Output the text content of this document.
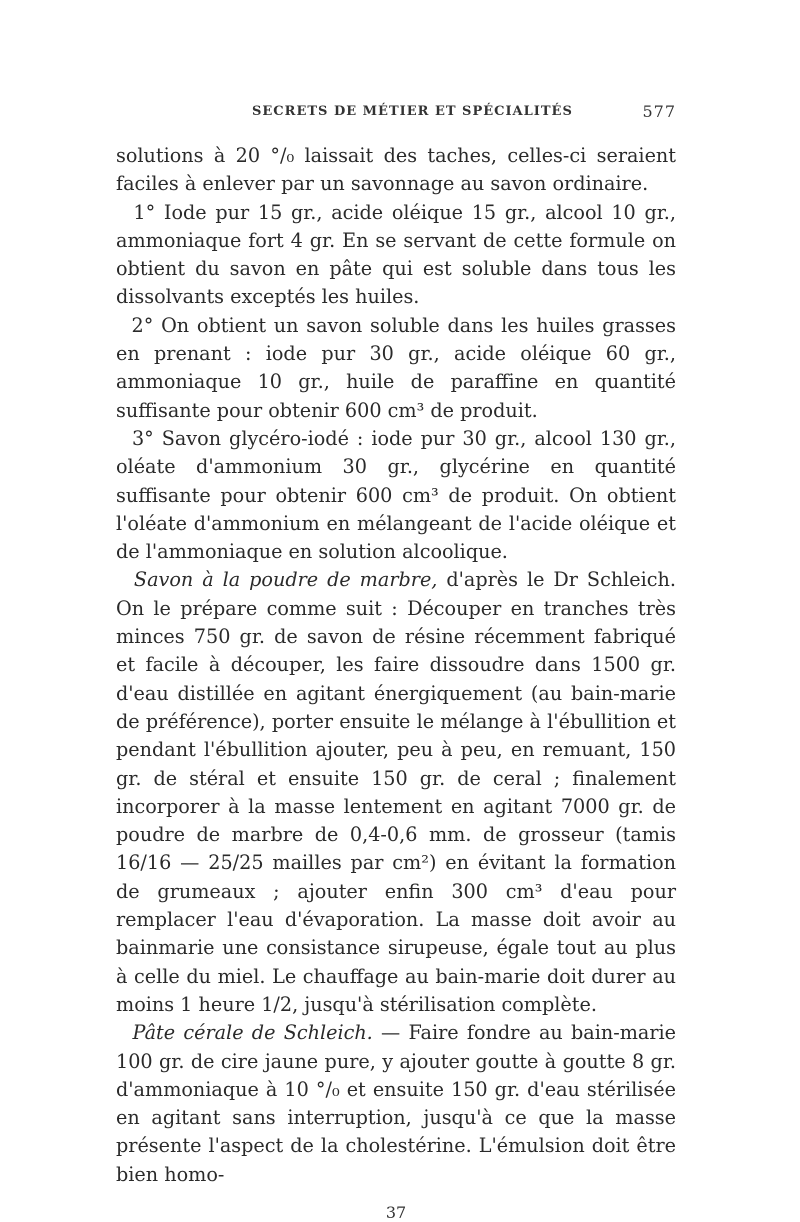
SECRETS DE MÉTIER ET SPÉCIALITÉS	577

solutions à 20 °/₀ laissait des taches, celles-ci seraient faciles à enlever par un savonnage au savon ordinaire.

1° Iode pur 15 gr., acide oléique 15 gr., alcool 10 gr., ammoniaque fort 4 gr. En se servant de cette formule on obtient du savon en pâte qui est soluble dans tous les dissolvants exceptés les huiles.

2° On obtient un savon soluble dans les huiles grasses en prenant : iode pur 30 gr., acide oléique 60 gr., ammoniaque 10 gr., huile de paraffine en quantité suffisante pour obtenir 600 cm³ de produit.

3° Savon glycéro-iodé : iode pur 30 gr., alcool 130 gr., oléate d'ammonium 30 gr., glycérine en quantité suffisante pour obtenir 600 cm³ de produit. On obtient l'oléate d'ammonium en mélangeant de l'acide oléique et de l'ammoniaque en solution alcoolique.

Savon à la poudre de marbre, d'après le Dr Schleich. On le prépare comme suit : Découper en tranches très minces 750 gr. de savon de résine récemment fabriqué et facile à découper, les faire dissoudre dans 1500 gr. d'eau distillée en agitant énergiquement (au bain-marie de préférence), porter ensuite le mélange à l'ébullition et pendant l'ébullition ajouter, peu à peu, en remuant, 150 gr. de stéral et ensuite 150 gr. de ceral ; finalement incorporer à la masse lentement en agitant 7000 gr. de poudre de marbre de 0,4-0,6 mm. de grosseur (tamis 16/16 — 25/25 mailles par cm²) en évitant la formation de grumeaux ; ajouter enfin 300 cm³ d'eau pour remplacer l'eau d'évaporation. La masse doit avoir au bainmarie une consistance sirupeuse, égale tout au plus à celle du miel. Le chauffage au bain-marie doit durer au moins 1 heure 1/2, jusqu'à stérilisation complète.

Pâte cérale de Schleich. — Faire fondre au bain-marie 100 gr. de cire jaune pure, y ajouter goutte à goutte 8 gr. d'ammoniaque à 10 °/₀ et ensuite 150 gr. d'eau stérilisée en agitant sans interruption, jusqu'à ce que la masse présente l'aspect de la cholestérine. L'émulsion doit être bien homo-

37
